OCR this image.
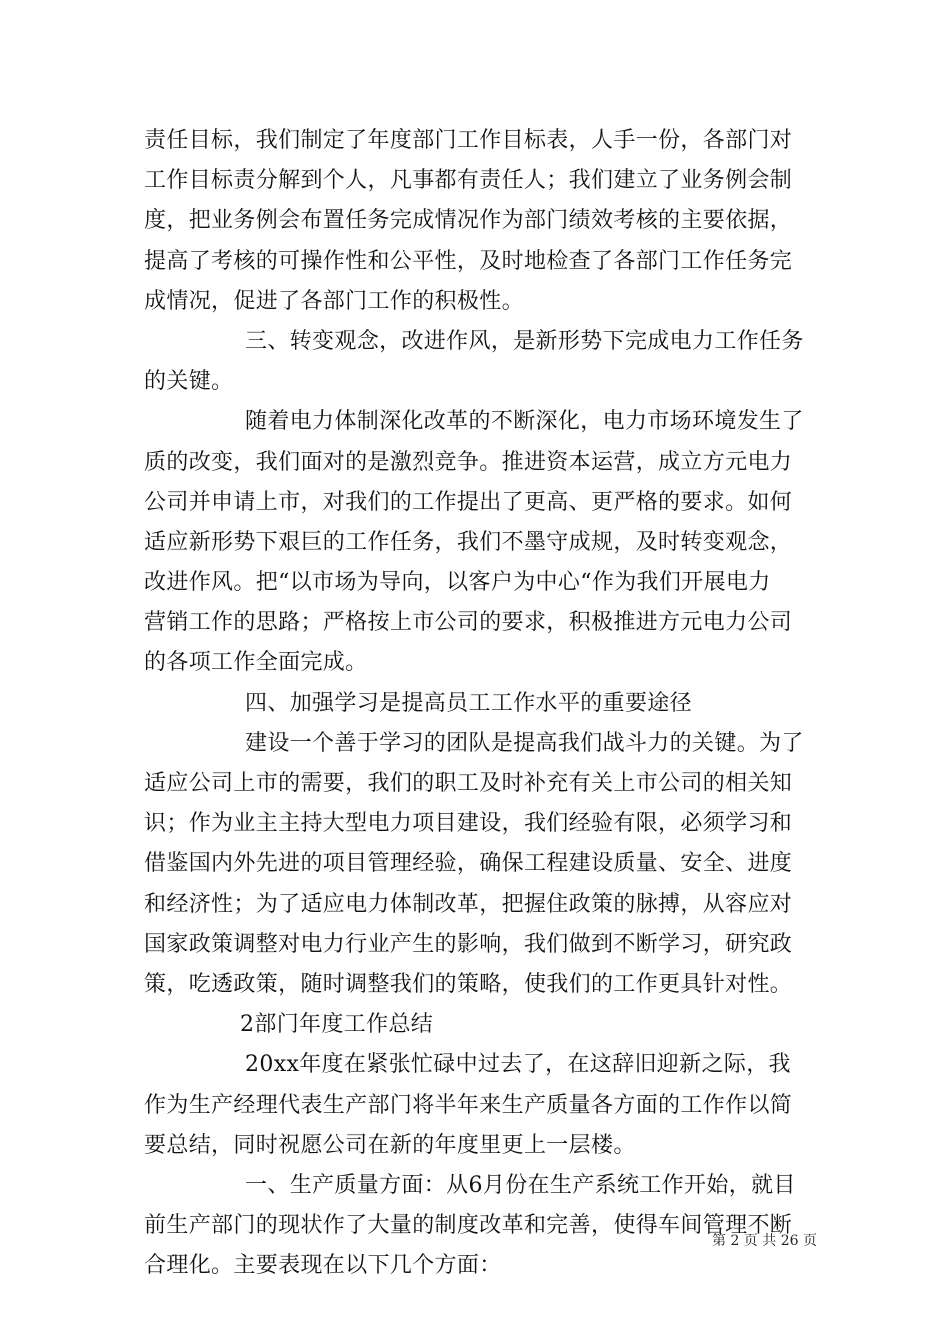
责任目标，我们制定了年度部门工作目标表，人手一份，各部门对
工作目标责分解到个人，凡事都有责任人；我们建立了业务例会制
度，把业务例会布置任务完成情况作为部门绩效考核的主要依据，
提高了考核的可操作性和公平性，及时地检查了各部门工作任务完
成情况，促进了各部门工作的积极性。
三、转变观念，改进作风，是新形势下完成电力工作任务
的关键。
随着电力体制深化改革的不断深化，电力市场环境发生了
质的改变，我们面对的是激烈竞争。推进资本运营，成立方元电力
公司并申请上市，对我们的工作提出了更高、更严格的要求。如何
适应新形势下艰巨的工作任务，我们不墨守成规，及时转变观念，
改进作风。把“以市场为导向，以客户为中心“作为我们开展电力
营销工作的思路；严格按上市公司的要求，积极推进方元电力公司
的各项工作全面完成。
四、加强学习是提高员工工作水平的重要途径
建设一个善于学习的团队是提高我们战斗力的关键。为了
适应公司上市的需要，我们的职工及时补充有关上市公司的相关知
识；作为业主主持大型电力项目建设，我们经验有限，必须学习和
借鉴国内外先进的项目管理经验，确保工程建设质量、安全、进度
和经济性；为了适应电力体制改革，把握住政策的脉搏，从容应对
国家政策调整对电力行业产生的影响，我们做到不断学习，研究政
策，吃透政策，随时调整我们的策略，使我们的工作更具针对性。
2部门年度工作总结
20xx年度在紧张忙碌中过去了，在这辞旧迎新之际，我
作为生产经理代表生产部门将半年来生产质量各方面的工作作以简
要总结，同时祝愿公司在新的年度里更上一层楼。
一、生产质量方面：从6月份在生产系统工作开始，就目
前生产部门的现状作了大量的制度改革和完善，使得车间管理不断
合理化。主要表现在以下几个方面：
第 2 页 共 26 页
